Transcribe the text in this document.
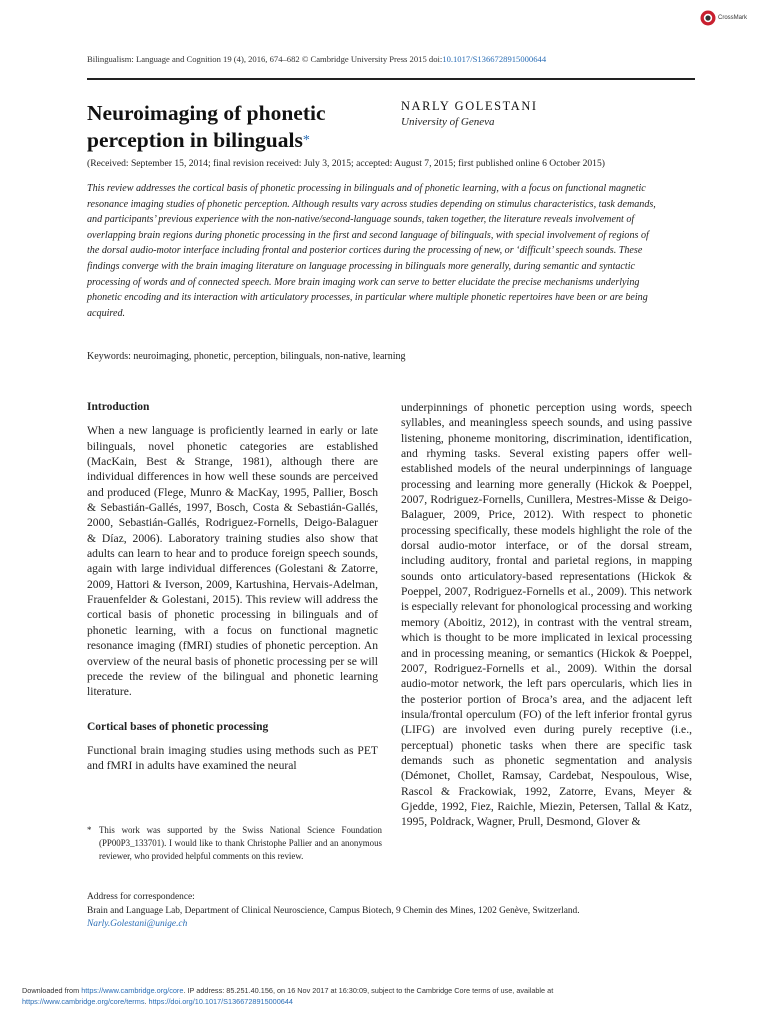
CrossMark
Bilingualism: Language and Cognition 19 (4), 2016, 674–682 © Cambridge University Press 2015 doi:10.1017/S1366728915000644
Neuroimaging of phonetic perception in bilinguals*
NARLY GOLESTANI
University of Geneva
(Received: September 15, 2014; final revision received: July 3, 2015; accepted: August 7, 2015; first published online 6 October 2015)

This review addresses the cortical basis of phonetic processing in bilinguals and of phonetic learning, with a focus on functional magnetic resonance imaging studies of phonetic perception. Although results vary across studies depending on stimulus characteristics, task demands, and participants’ previous experience with the non-native/second-language sounds, taken together, the literature reveals involvement of overlapping brain regions during phonetic processing in the first and second language of bilinguals, with special involvement of regions of the dorsal audio-motor interface including frontal and posterior cortices during the processing of new, or ‘difficult’ speech sounds. These findings converge with the brain imaging literature on language processing in bilinguals more generally, during semantic and syntactic processing of words and of connected speech. More brain imaging work can serve to better elucidate the precise mechanisms underlying phonetic encoding and its interaction with articulatory processes, in particular where multiple phonetic repertoires have been or are being acquired.

Keywords: neuroimaging, phonetic, perception, bilinguals, non-native, learning
Introduction

When a new language is proficiently learned in early or late bilinguals, novel phonetic categories are established (MacKain, Best & Strange, 1981), although there are individual differences in how well these sounds are perceived and produced (Flege, Munro & MacKay, 1995, Pallier, Bosch & Sebastián-Gallés, 1997, Bosch, Costa & Sebastián-Gallés, 2000, Sebastián-Gallés, Rodriguez-Fornells, Deigo-Balaguer & Díaz, 2006). Laboratory training studies also show that adults can learn to hear and to produce foreign speech sounds, again with large individual differences (Golestani & Zatorre, 2009, Hattori & Iverson, 2009, Kartushina, Hervais-Adelman, Frauenfelder & Golestani, 2015). This review will address the cortical basis of phonetic processing in bilinguals and of phonetic learning, with a focus on functional magnetic resonance imaging (fMRI) studies of phonetic perception. An overview of the neural basis of phonetic processing per se will precede the review of the bilingual and phonetic learning literature.

Cortical bases of phonetic processing

Functional brain imaging studies using methods such as PET and fMRI in adults have examined the neural

underpinnings of phonetic perception using words, speech syllables, and meaningless speech sounds, and using passive listening, phoneme monitoring, discrimination, identification, and rhyming tasks. Several existing papers offer well-established models of the neural underpinnings of language processing and learning more generally (Hickok & Poeppel, 2007, Rodriguez-Fornells, Cunillera, Mestres-Misse & Deigo-Balaguer, 2009, Price, 2012). With respect to phonetic processing specifically, these models highlight the role of the dorsal audio-motor interface, or of the dorsal stream, including auditory, frontal and parietal regions, in mapping sounds onto articulatory-based representations (Hickok & Poeppel, 2007, Rodriguez-Fornells et al., 2009). This network is especially relevant for phonological processing and working memory (Aboitiz, 2012), in contrast with the ventral stream, which is thought to be more implicated in lexical processing and in processing meaning, or semantics (Hickok & Poeppel, 2007, Rodriguez-Fornells et al., 2009). Within the dorsal audio-motor network, the left pars opercularis, which lies in the posterior portion of Broca’s area, and the adjacent left insula/frontal operculum (FO) of the left inferior frontal gyrus (LIFG) are involved even during purely receptive (i.e., perceptual) phonetic tasks when there are specific task demands such as phonetic segmentation and analysis (Démonet, Chollet, Ramsay, Cardebat, Nespoulous, Wise, Rascol & Frackowiak, 1992, Zatorre, Evans, Meyer & Gjedde, 1992, Fiez, Raichle, Miezin, Petersen, Tallal & Katz, 1995, Poldrack, Wagner, Prull, Desmond, Glover &

* This work was supported by the Swiss National Science Foundation (PP00P3_133701). I would like to thank Christophe Pallier and an anonymous reviewer, who provided helpful comments on this review.
Address for correspondence:
Brain and Language Lab, Department of Clinical Neuroscience, Campus Biotech, 9 Chemin des Mines, 1202 Genève, Switzerland.
Narly.Golestani@unige.ch
Downloaded from https://www.cambridge.org/core. IP address: 85.251.40.156, on 16 Nov 2017 at 16:30:09, subject to the Cambridge Core terms of use, available at
https://www.cambridge.org/core/terms. https://doi.org/10.1017/S1366728915000644
